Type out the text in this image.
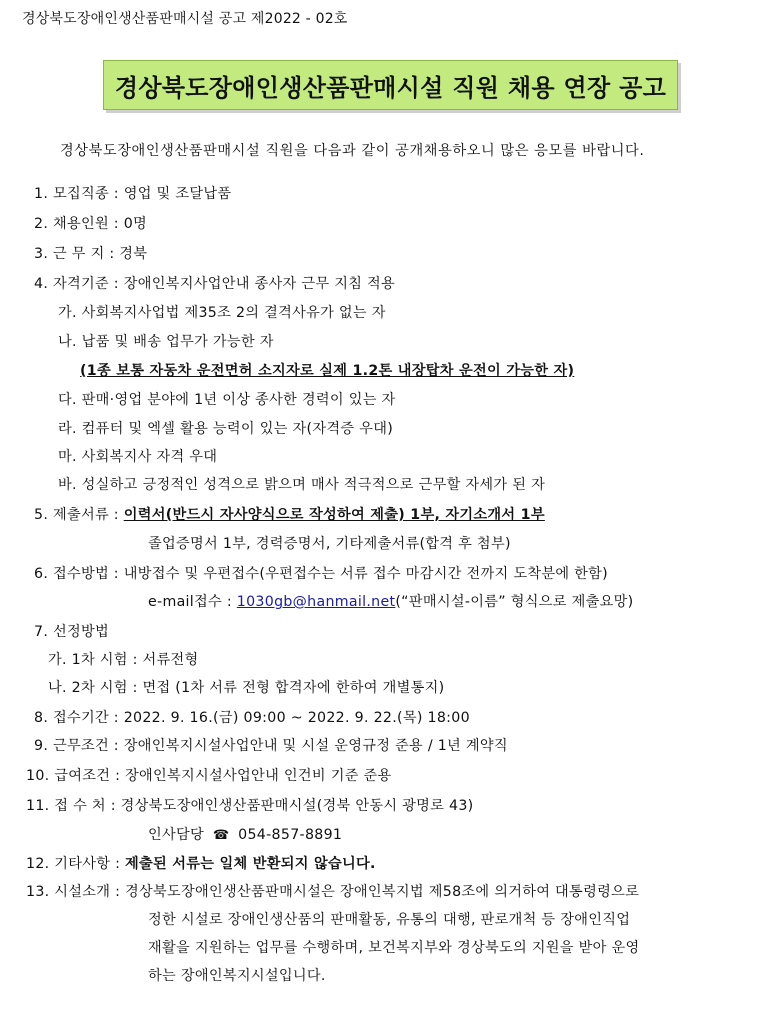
경상북도장애인생산품판매시설 공고 제2022 - 02호
경상북도장애인생산품판매시설 직원 채용 연장 공고
경상북도장애인생산품판매시설 직원을 다음과 같이 공개채용하오니 많은 응모를 바랍니다.
1. 모집직종 : 영업 및 조달납품
2. 채용인원 : 0명
3. 근 무 지 : 경북
4. 자격기준 : 장애인복지사업안내 종사자 근무 지침 적용
가. 사회복지사업법 제35조 2의 결격사유가 없는 자
나. 납품 및 배송 업무가 가능한 자
(1종 보통 자동차 운전면허 소지자로 실제 1.2톤 내장탑차 운전이 가능한 자)
다. 판매·영업 분야에 1년 이상 종사한 경력이 있는 자
라. 컴퓨터 및 엑셀 활용 능력이 있는 자(자격증 우대)
마. 사회복지사 자격 우대
바. 성실하고 긍정적인 성격으로 밝으며 매사 적극적으로 근무할 자세가 된 자
5. 제출서류 : 이력서(반드시 자사양식으로 작성하여 제출) 1부, 자기소개서 1부
졸업증명서 1부, 경력증명서, 기타제출서류(합격 후 첨부)
6. 접수방법 : 내방접수 및 우편접수(우편접수는 서류 접수 마감시간 전까지 도착분에 한함)
e-mail접수 : 1030gb@hanmail.net(“판매시설-이름” 형식으로 제출요망)
7. 선정방법
가. 1차 시험 : 서류전형
나. 2차 시험 : 면접 (1차 서류 전형 합격자에 한하여 개별통지)
8. 접수기간 : 2022. 9. 16.(금) 09:00 ~ 2022. 9. 22.(목) 18:00
9. 근무조건 : 장애인복지시설사업안내 및 시설 운영규정 준용 / 1년 계약직
10. 급여조건 : 장애인복지시설사업안내 인건비 기준 준용
11. 접 수 처 : 경상북도장애인생산품판매시설(경북 안동시 광명로 43)
인사담당 ☎ 054-857-8891
12. 기타사항 : 제출된 서류는 일체 반환되지 않습니다.
13. 시설소개 : 경상북도장애인생산품판매시설은 장애인복지법 제58조에 의거하여 대통령령으로
정한 시설로 장애인생산품의 판매활동, 유통의 대행, 판로개척 등 장애인직업
재활을 지원하는 업무를 수행하며, 보건복지부와 경상북도의 지원을 받아 운영
하는 장애인복지시설입니다.
